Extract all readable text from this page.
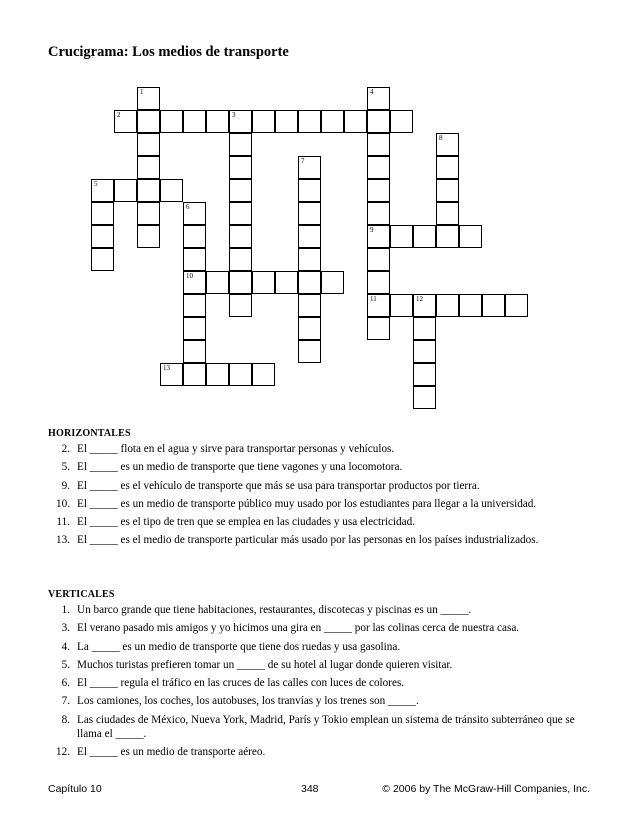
Crucigrama: Los medios de transporte
1	4
2	3
8
7
5
6
9
10
11	12
13
HORIZONTALES
2. El _____ flota en el agua y sirve para transportar personas y vehículos.
5. El _____ es un medio de transporte que tiene vagones y una locomotora.
9. El _____ es el vehículo de transporte que más se usa para transportar productos por tierra.
10. El _____ es un medio de transporte público muy usado por los estudiantes para llegar a la universidad.
11. El _____ es el tipo de tren que se emplea en las ciudades y usa electricidad.
13. El _____ es el medio de transporte particular más usado por las personas en los países industrializados.
VERTICALES
1. Un barco grande que tiene habitaciones, restaurantes, discotecas y piscinas es un _____.
3. El verano pasado mis amigos y yo hicimos una gira en _____ por las colinas cerca de nuestra casa.
4. La _____ es un medio de transporte que tiene dos ruedas y usa gasolina.
5. Muchos turistas prefieren tomar un _____ de su hotel al lugar donde quieren visitar.
6. El _____ regula el tráfico en las cruces de las calles con luces de colores.
7. Los camiones, los coches, los autobuses, los tranvías y los trenes son _____.
8. Las ciudades de México, Nueva York, Madrid, París y Tokio emplean un sistema de tránsito subterráneo que se llama el _____.
12. El _____ es un medio de transporte aéreo.
Capítulo 10	348	© 2006 by The McGraw-Hill Companies, Inc.
